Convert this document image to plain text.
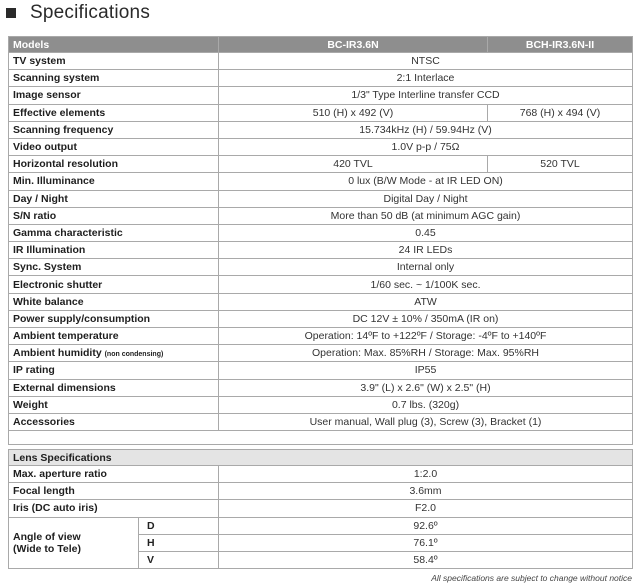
Specifications
Models	BC-IR3.6N	BCH-IR3.6N-II
TV system	NTSC	
Scanning system	2:1 Interlace	
Image sensor	1/3" Type Interline transfer CCD	
Effective elements	510 (H) x 492 (V)	768 (H) x 494 (V)
Scanning frequency	15.734kHz (H) / 59.94Hz (V)	
Video output	1.0V p-p / 75Ω	
Horizontal resolution	420 TVL	520 TVL
Min. Illuminance	0 lux (B/W Mode - at IR LED ON)	
Day / Night	Digital Day / Night	
S/N ratio	More than 50 dB (at minimum AGC gain)	
Gamma characteristic	0.45	
IR Illumination	24 IR LEDs	
Sync. System	Internal only	
Electronic shutter	1/60 sec. ~ 1/100K sec.	
White balance	ATW	
Power supply/consumption	DC 12V ± 10% / 350mA (IR on)	
Ambient temperature	Operation: 14ºF to +122ºF / Storage: -4ºF to +140ºF	
Ambient humidity (non condensing)	Operation: Max. 85%RH / Storage: Max. 95%RH	
IP rating	IP55	
External dimensions	3.9" (L) x 2.6" (W) x 2.5" (H)	
Weight	0.7 lbs. (320g)	
Accessories	User manual, Wall plug (3), Screw (3), Bracket (1)	

Lens Specifications		
Max. aperture ratio		1:2.0
Focal length		3.6mm
Iris (DC auto iris)		F2.0
Angle of view
(Wide to Tele)	D	92.6º
	H	76.1º
	V	58.4º
All specifications are subject to change without notice
